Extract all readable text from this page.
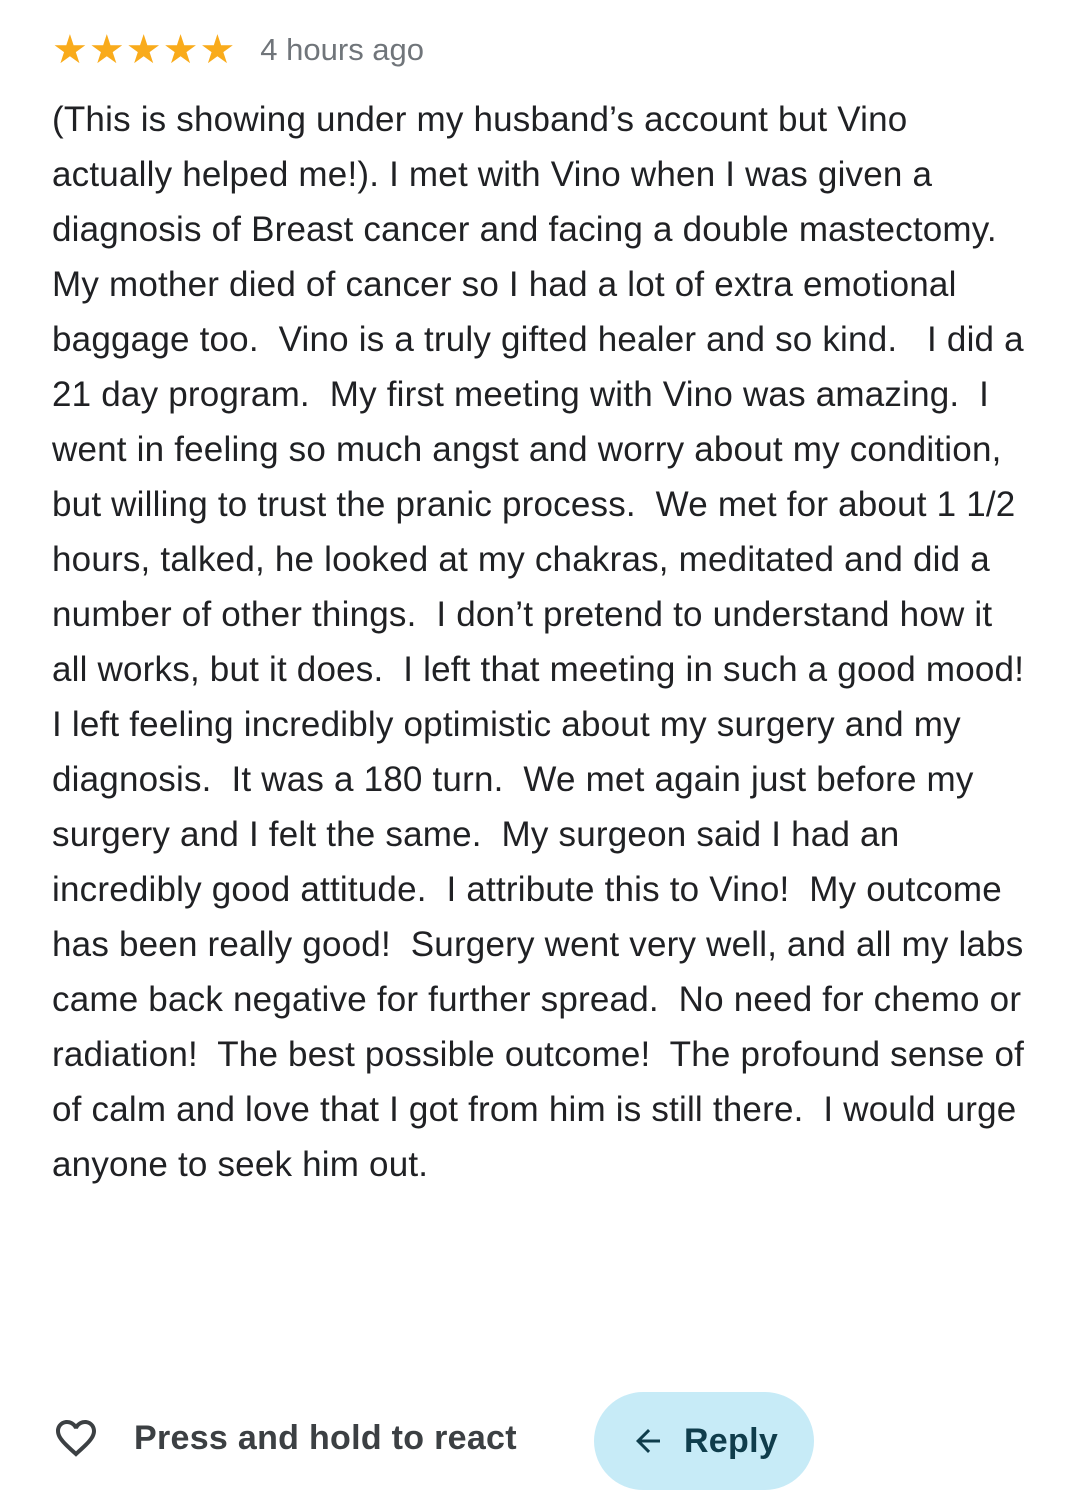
★★★★★ 4 hours ago
(This is showing under my husband’s account but Vino actually helped me!). I met with Vino when I was given a diagnosis of Breast cancer and facing a double mastectomy.  My mother died of cancer so I had a lot of extra emotional baggage too.  Vino is a truly gifted healer and so kind.   I did a 21 day program.  My first meeting with Vino was amazing.  I went in feeling so much angst and worry about my condition, but willing to trust the pranic process.  We met for about 1 1/2 hours, talked, he looked at my chakras, meditated and did a number of other things.  I don’t pretend to understand how it all works, but it does.  I left that meeting in such a good mood!  I left feeling incredibly optimistic about my surgery and my diagnosis.  It was a 180 turn.  We met again just before my surgery and I felt the same.  My surgeon said I had an incredibly good attitude.  I attribute this to Vino!  My outcome has been really good!  Surgery went very well, and all my labs came back negative for further spread.  No need for chemo or radiation!  The best possible outcome!  The profound sense of of calm and love that I got from him is still there.  I would urge anyone to seek him out.
Press and hold to react	Reply
